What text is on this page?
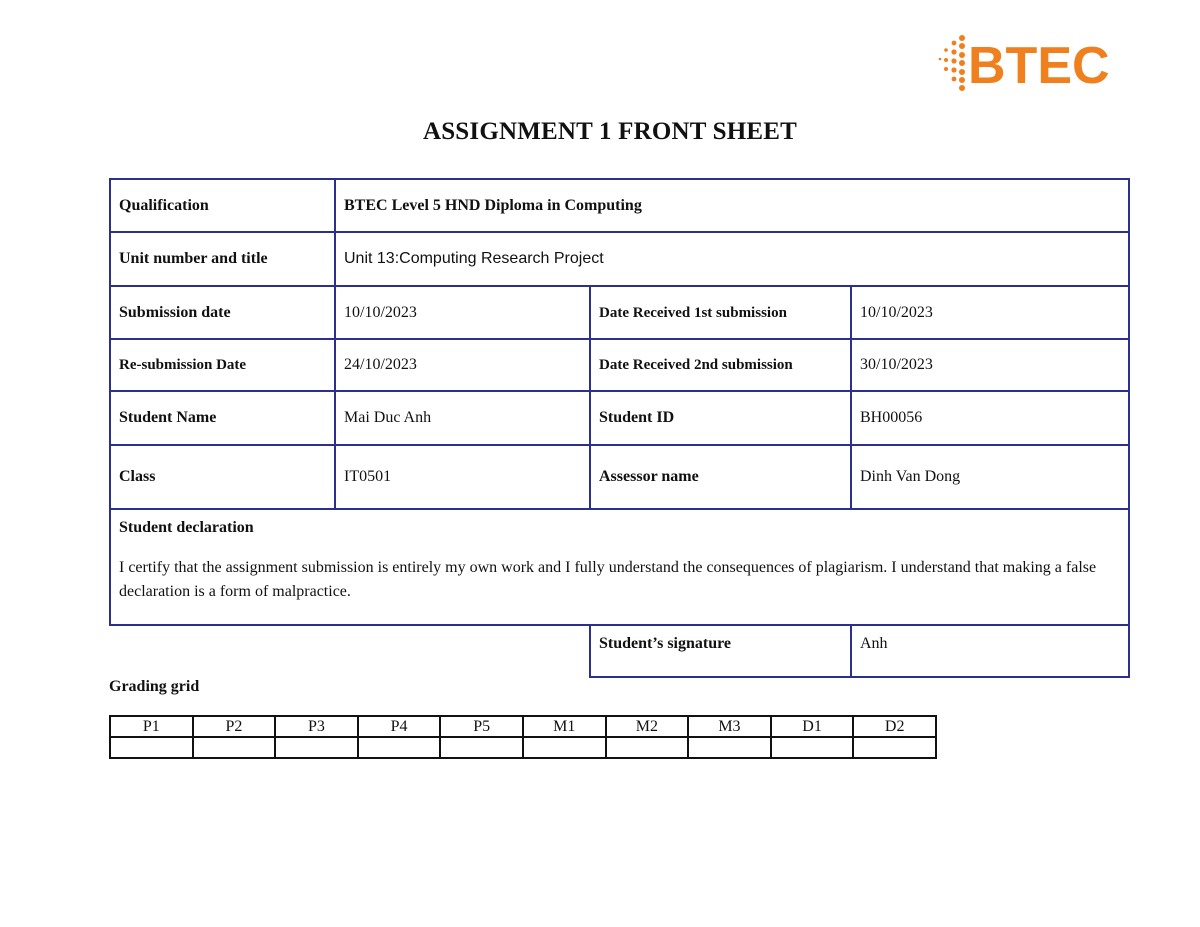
BTEC
ASSIGNMENT 1 FRONT SHEET
Qualification	BTEC Level 5 HND Diploma in Computing		
Unit number and title	Unit 13:Computing Research Project		
Submission date	10/10/2023	Date Received 1st submission	10/10/2023
Re-submission Date	24/10/2023	Date Received 2nd submission	30/10/2023
Student Name	Mai Duc Anh	Student ID	BH00056
Class	IT0501	Assessor name	Dinh Van Dong

Student declaration
I certify that the assignment submission is entirely my own work and I fully understand the consequences of plagiarism. I understand that making a false declaration is a form of malpractice.			

		Student’s signature	Anh
Grading grid
P1	P2	P3	P4	P5	M1	M2	M3	D1	D2
